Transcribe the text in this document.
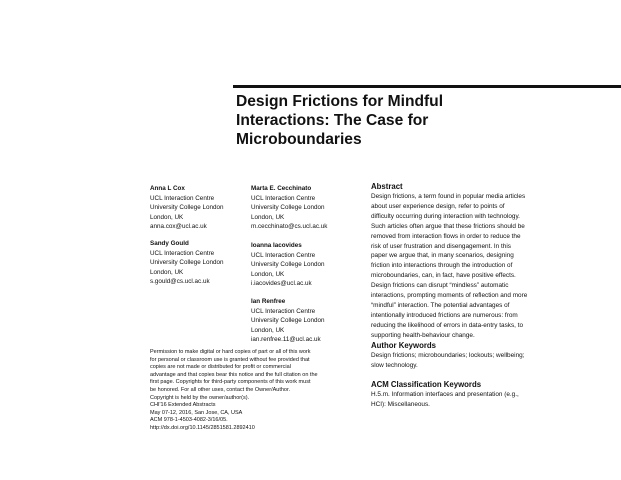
Design Frictions for Mindful
Interactions: The Case for
Microboundaries
Anna L Cox
UCL Interaction Centre
University College London
London, UK
anna.cox@ucl.ac.uk
Marta E. Cecchinato
UCL Interaction Centre
University College London
London, UK
m.cecchinato@cs.ucl.ac.uk
Sandy Gould
UCL Interaction Centre
University College London
London, UK
s.gould@cs.ucl.ac.uk
Ioanna Iacovides
UCL Interaction Centre
University College London
London, UK
i.iacovides@ucl.ac.uk
Ian Renfree
UCL Interaction Centre
University College London
London, UK
ian.renfree.11@ucl.ac.uk
Permission to make digital or hard copies of part or all of this work
for personal or classroom use is granted without fee provided that
copies are not made or distributed for profit or commercial
advantage and that copies bear this notice and the full citation on the
first page. Copyrights for third-party components of this work must
be honored. For all other uses, contact the Owner/Author.
Copyright is held by the owner/author(s).
CHI'16 Extended Abstracts
May 07-12, 2016, San Jose, CA, USA
ACM 978-1-4503-4082-3/16/05.
http://dx.doi.org/10.1145/2851581.2892410
Abstract

Design frictions, a term found in popular media articles
about user experience design, refer to points of
difficulty occurring during interaction with technology.
Such articles often argue that these frictions should be
removed from interaction flows in order to reduce the
risk of user frustration and disengagement. In this
paper we argue that, in many scenarios, designing
friction into interactions through the introduction of
microboundaries, can, in fact, have positive effects.
Design frictions can disrupt “mindless” automatic
interactions, prompting moments of reflection and more
“mindful” interaction. The potential advantages of
intentionally introduced frictions are numerous: from
reducing the likelihood of errors in data-entry tasks, to
supporting health-behaviour change.

Author Keywords

Design frictions; microboundaries; lockouts; wellbeing;
slow technology.

ACM Classification Keywords

H.5.m. Information interfaces and presentation (e.g.,
HCI): Miscellaneous.
